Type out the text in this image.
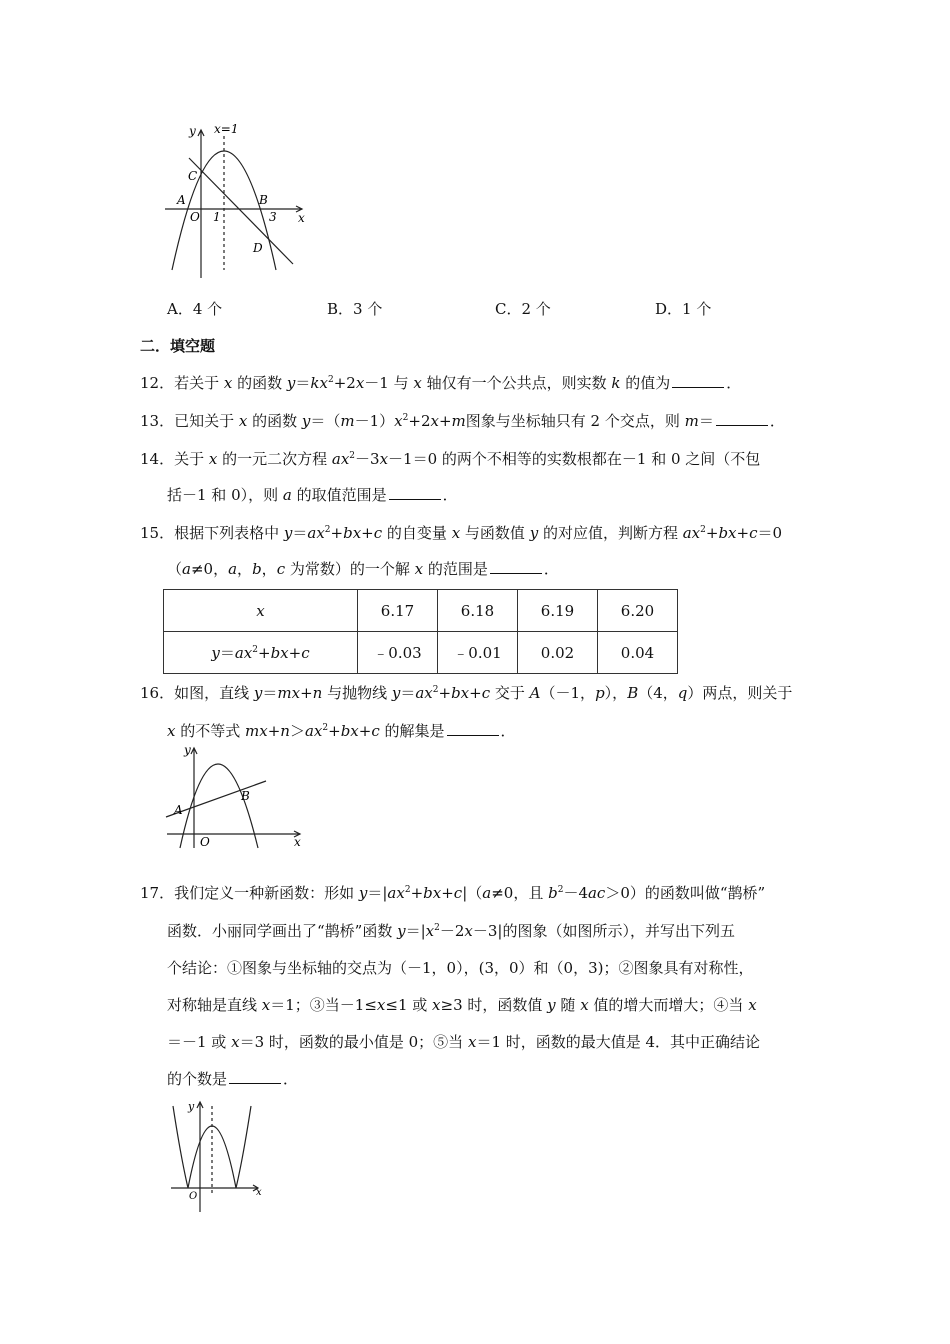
y x=1
C
A
O 1
B
3
D
x
A．4 个	B．3 个	C．2 个	D．1 个
二．填空题
12．若关于 x 的函数 $y=kx^2+2x-1$ 与 x 轴仅有一个公共点，则实数 k 的值为	．
13．已知关于 x 的函数 $y=(m-1)x^2+2x+m$图象与坐标轴只有 2 个交点，则 m＝	．
14．关于 x 的一元二次方程 $ax^2-3x-1=0$ 的两个不相等的实数根都在－1 和 0 之间（不包
括－1 和 0），则 a 的取值范围是	．
15．根据下列表格中 $y=ax^2+bx+c$ 的自变量 x 与函数值 y 的对应值，判断方程 $ax^2+bx+c=0$
（a≠0，a，b，c 为常数）的一个解 x 的范围是	．
x	6.17	6.18	6.19	6.20
$y=ax^2+bx+c$	﹣0.03	﹣0.01	0.02	0.04
16．如图，直线 y＝mx+n 与抛物线 $y=ax^2+bx+c$ 交于 A（－1，p），B（4，q）两点，则关于
x 的不等式 $mx+n>ax^2+bx+c$ 的解集是	．
y
A
B
O	x
17．我们定义一种新函数：形如 $y=|ax^2+bx+c|(a\ne 0$，且 $b^2-4ac>0$）的函数叫做“鹊桥”
函数．小丽同学画出了“鹊桥”函数 $y=|x^2-2x-3|$的图象（如图所示），并写出下列五
个结论：①图象与坐标轴的交点为（－1，0），(3，0）和（0，3)；②图象具有对称性，
对称轴是直线 x＝1；③当－1≤x≤1 或 x≥3 时，函数值 y 随 x 值的增大而增大；④当 x
＝－1 或 x＝3 时，函数的最小值是 0；⑤当 x＝1 时，函数的最大值是 4．其中正确结论
的个数是	．
y
O	x
